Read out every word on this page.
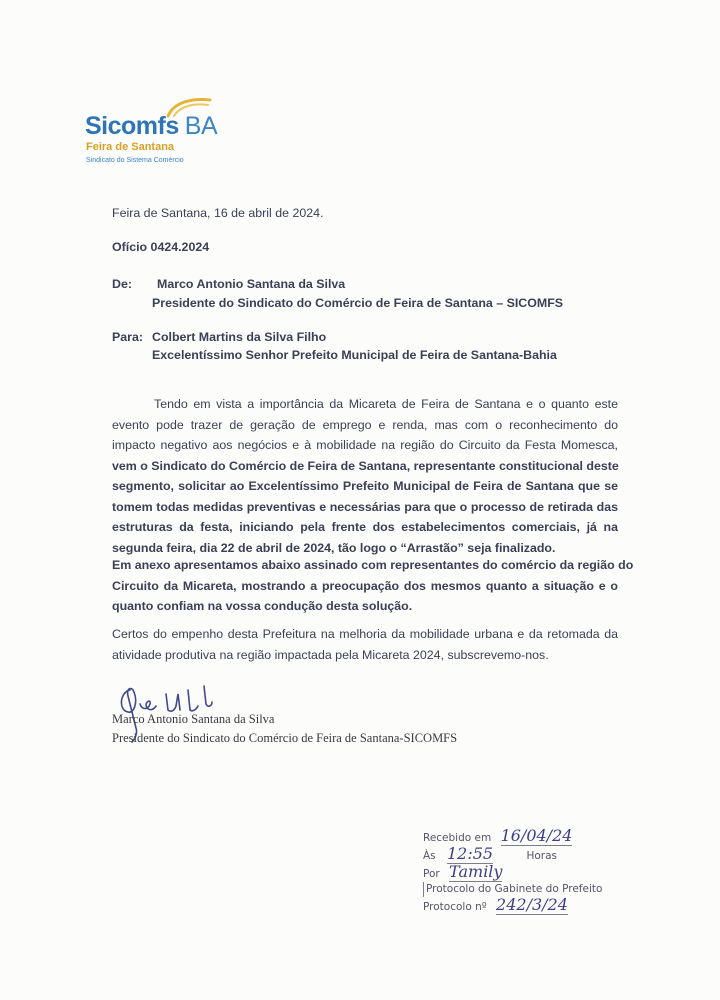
Sicomfs BA
Feira de Santana
Sindicato do Sistema Comércio
Feira de Santana, 16 de abril de 2024.
Ofício 0424.2024
De: Marco Antonio Santana da Silva
Presidente do Sindicato do Comércio de Feira de Santana – SICOMFS
Para: Colbert Martins da Silva Filho
Excelentíssimo Senhor Prefeito Municipal de Feira de Santana-Bahia
Tendo em vista a importância da Micareta de Feira de Santana e o quanto este
evento pode trazer de geração de emprego e renda, mas com o reconhecimento do
impacto negativo aos negócios e à mobilidade na região do Circuito da Festa Momesca,
vem o Sindicato do Comércio de Feira de Santana, representante constitucional deste
segmento, solicitar ao Excelentíssimo Prefeito Municipal de Feira de Santana que se
tomem todas medidas preventivas e necessárias para que o processo de retirada das
estruturas da festa, iniciando pela frente dos estabelecimentos comerciais, já na
segunda feira, dia 22 de abril de 2024, tão logo o “Arrastão” seja finalizado.
Em anexo apresentamos abaixo assinado com representantes do comércio da região do
Circuito da Micareta, mostrando a preocupação dos mesmos quanto a situação e o
quanto confiam na vossa condução desta solução.
Certos do empenho desta Prefeitura na melhoria da mobilidade urbana e da retomada da
atividade produtiva na região impactada pela Micareta 2024, subscrevemo-nos.
Marco Antonio Santana da Silva
Presidente do Sindicato do Comércio de Feira de Santana-SICOMFS
Recebido em 16/04/24
Às 12:55	Horas
Por Tamily
Protocolo do Gabinete do Prefeito
Protocolo nº 242/3/24
